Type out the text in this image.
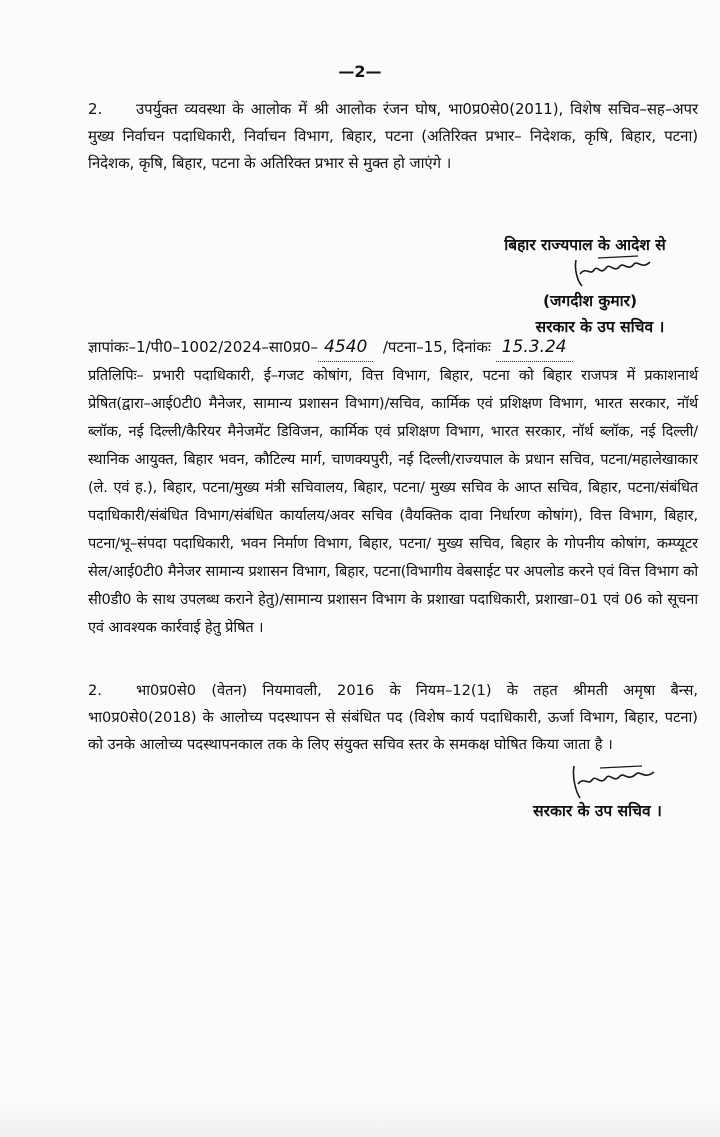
—2—
2. उपर्युक्त व्यवस्था के आलोक में श्री आलोक रंजन घोष, भा0प्र0से0(2011), विशेष सचिव–सह–अपर मुख्य निर्वाचन पदाधिकारी, निर्वाचन विभाग, बिहार, पटना (अतिरिक्त प्रभार– निदेशक, कृषि, बिहार, पटना) निदेशक, कृषि, बिहार, पटना के अतिरिक्त प्रभार से मुक्त हो जाएंगे ।
बिहार राज्यपाल के आदेश से
(जगदीश कुमार)
सरकार के उप सचिव ।
ज्ञापांकः–1/पी0–1002/2024–सा0प्र0– 4540 /पटना–15, दिनांकः 15.3.24
प्रतिलिपिः– प्रभारी पदाधिकारी, ई–गजट कोषांग, वित्त विभाग, बिहार, पटना को बिहार राजपत्र में प्रकाशनार्थ प्रेषित(द्वारा–आई0टी0 मैनेजर, सामान्य प्रशासन विभाग)/सचिव, कार्मिक एवं प्रशिक्षण विभाग, भारत सरकार, नॉर्थ ब्लॉक, नई दिल्ली/कैरियर मैनेजमेंट डिविजन, कार्मिक एवं प्रशिक्षण विभाग, भारत सरकार, नॉर्थ ब्लॉक, नई दिल्ली/ स्थानिक आयुक्त, बिहार भवन, कौटिल्य मार्ग, चाणक्यपुरी, नई दिल्ली/राज्यपाल के प्रधान सचिव, पटना/महालेखाकार (ले. एवं ह.), बिहार, पटना/मुख्य मंत्री सचिवालय, बिहार, पटना/ मुख्य सचिव के आप्त सचिव, बिहार, पटना/संबंधित पदाधिकारी/संबंधित विभाग/संबंधित कार्यालय/अवर सचिव (वैयक्तिक दावा निर्धारण कोषांग), वित्त विभाग, बिहार, पटना/भू–संपदा पदाधिकारी, भवन निर्माण विभाग, बिहार, पटना/ मुख्य सचिव, बिहार के गोपनीय कोषांग, कम्प्यूटर सेल/आई0टी0 मैनेजर सामान्य प्रशासन विभाग, बिहार, पटना(विभागीय वेबसाईट पर अपलोड करने एवं वित्त विभाग को सी0डी0 के साथ उपलब्ध कराने हेतु)/सामान्य प्रशासन विभाग के प्रशाखा पदाधिकारी, प्रशाखा–01 एवं 06 को सूचना एवं आवश्यक कार्रवाई हेतु प्रेषित ।
2. भा0प्र0से0 (वेतन) नियमावली, 2016 के नियम–12(1) के तहत श्रीमती अमृषा बैन्स, भा0प्र0से0(2018) के आलोच्य पदस्थापन से संबंधित पद (विशेष कार्य पदाधिकारी, ऊर्जा विभाग, बिहार, पटना) को उनके आलोच्य पदस्थापनकाल तक के लिए संयुक्त सचिव स्तर के समकक्ष घोषित किया जाता है ।
सरकार के उप सचिव ।
